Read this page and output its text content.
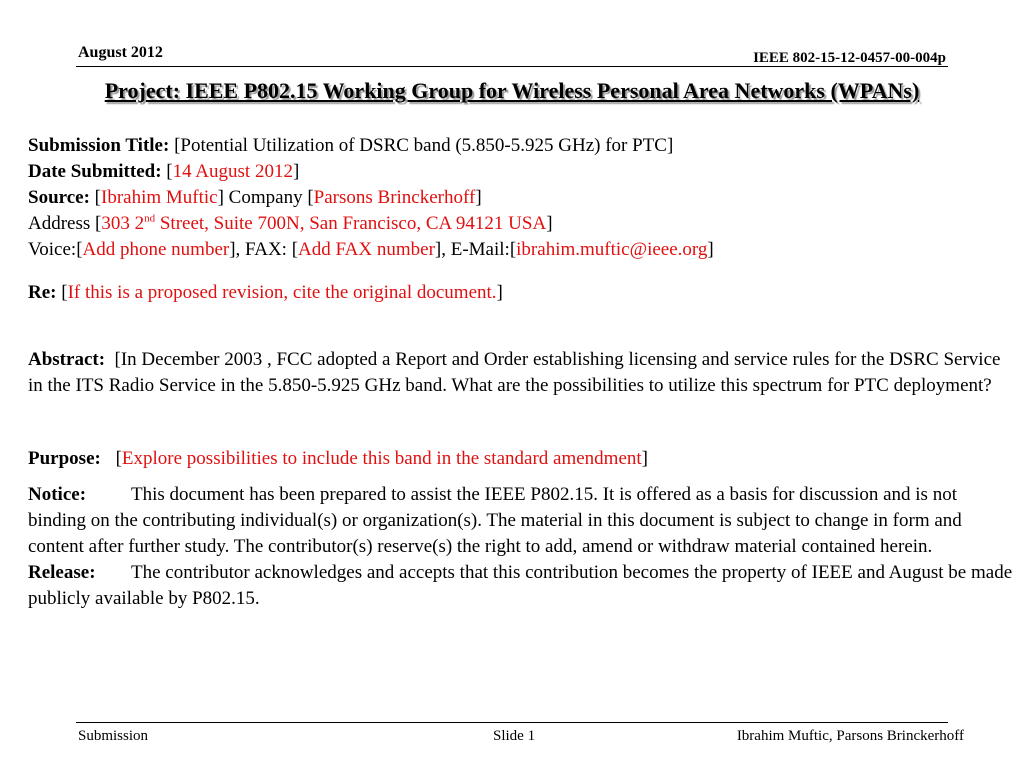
August 2012	IEEE 802-15-12-0457-00-004p
Project: IEEE P802.15 Working Group for Wireless Personal Area Networks (WPANs)
Submission Title: [Potential Utilization of DSRC band (5.850-5.925 GHz) for PTC]
Date Submitted: [14 August 2012]
Source: [Ibrahim Muftic] Company [Parsons Brinckerhoff]
Address [303 2nd Street, Suite 700N, San Francisco, CA 94121 USA]
Voice:[Add phone number], FAX: [Add FAX number], E-Mail:[ibrahim.muftic@ieee.org]
Re: [If this is a proposed revision, cite the original document.]
Abstract: [In December 2003 , FCC adopted a Report and Order establishing licensing and service rules for the DSRC Service in the ITS Radio Service in the 5.850-5.925 GHz band. What are the possibilities to utilize this spectrum for PTC deployment?
Purpose: [Explore possibilities to include this band in the standard amendment]
Notice: This document has been prepared to assist the IEEE P802.15. It is offered as a basis for discussion and is not binding on the contributing individual(s) or organization(s). The material in this document is subject to change in form and content after further study. The contributor(s) reserve(s) the right to add, amend or withdraw material contained herein.
Release: The contributor acknowledges and accepts that this contribution becomes the property of IEEE and August be made publicly available by P802.15.
Submission	Slide 1	Ibrahim Muftic, Parsons Brinckerhoff
